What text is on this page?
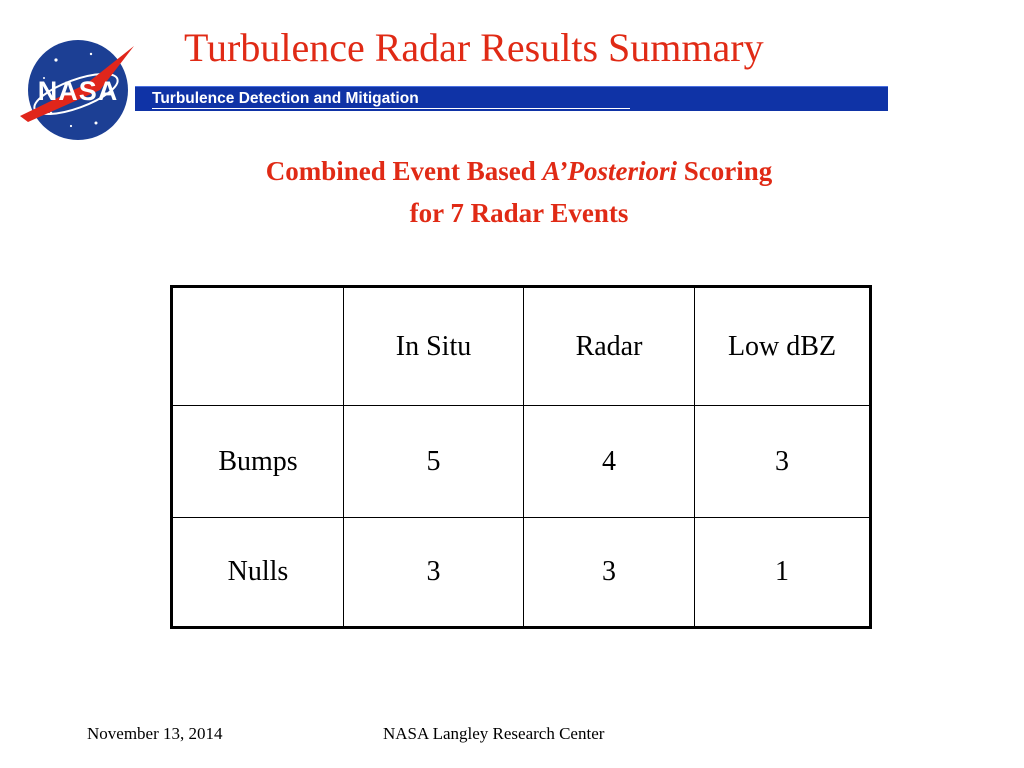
NASA
Turbulence Radar Results Summary
Turbulence Detection and Mitigation
Combined Event Based A’Posteriori Scoring
for 7 Radar Events
	In Situ	Radar	Low dBZ
Bumps	5	4	3
Nulls	3	3	1
November 13, 2014	NASA Langley Research Center
